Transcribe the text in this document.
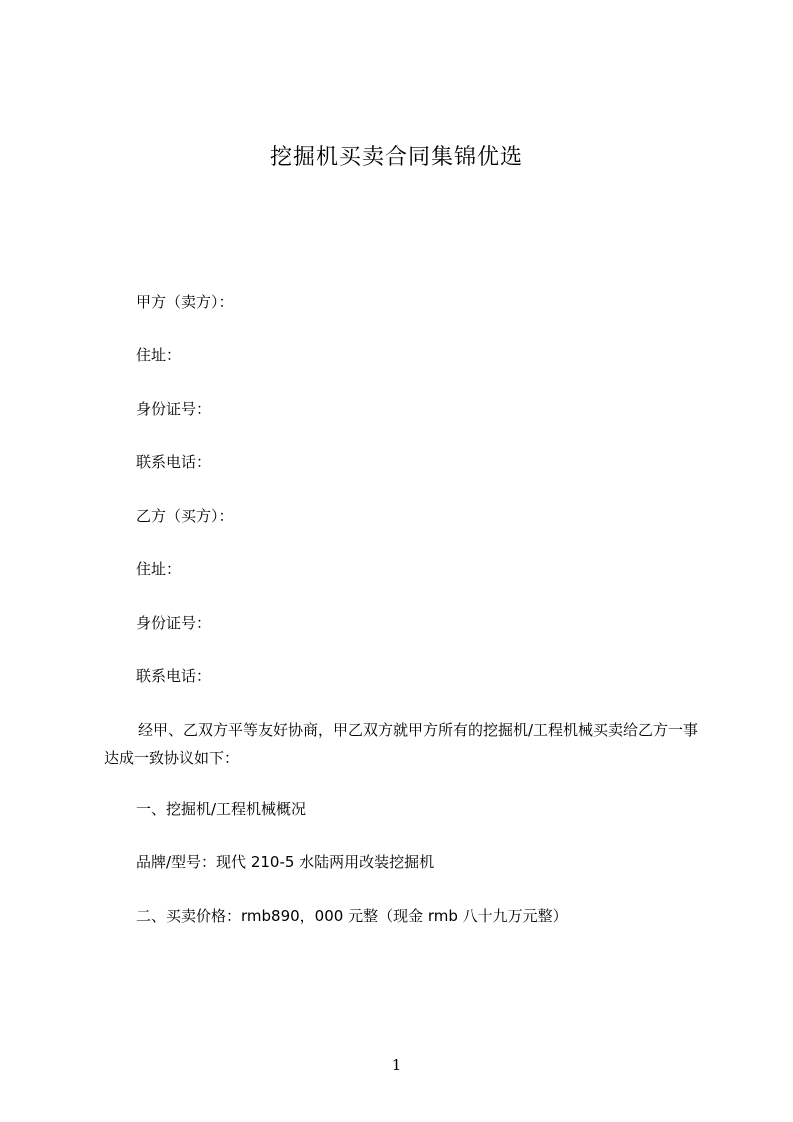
挖掘机买卖合同集锦优选
甲方（卖方）：
住址：
身份证号：
联系电话：
乙方（买方）：
住址：
身份证号：
联系电话：
经甲、乙双方平等友好协商，甲乙双方就甲方所有的挖掘机/工程机械买卖给乙方一事达成一致协议如下：
一、挖掘机/工程机械概况
品牌/型号：现代 210-5 水陆两用改装挖掘机
二、买卖价格：rmb890，000 元整（现金 rmb 八十九万元整）
1
